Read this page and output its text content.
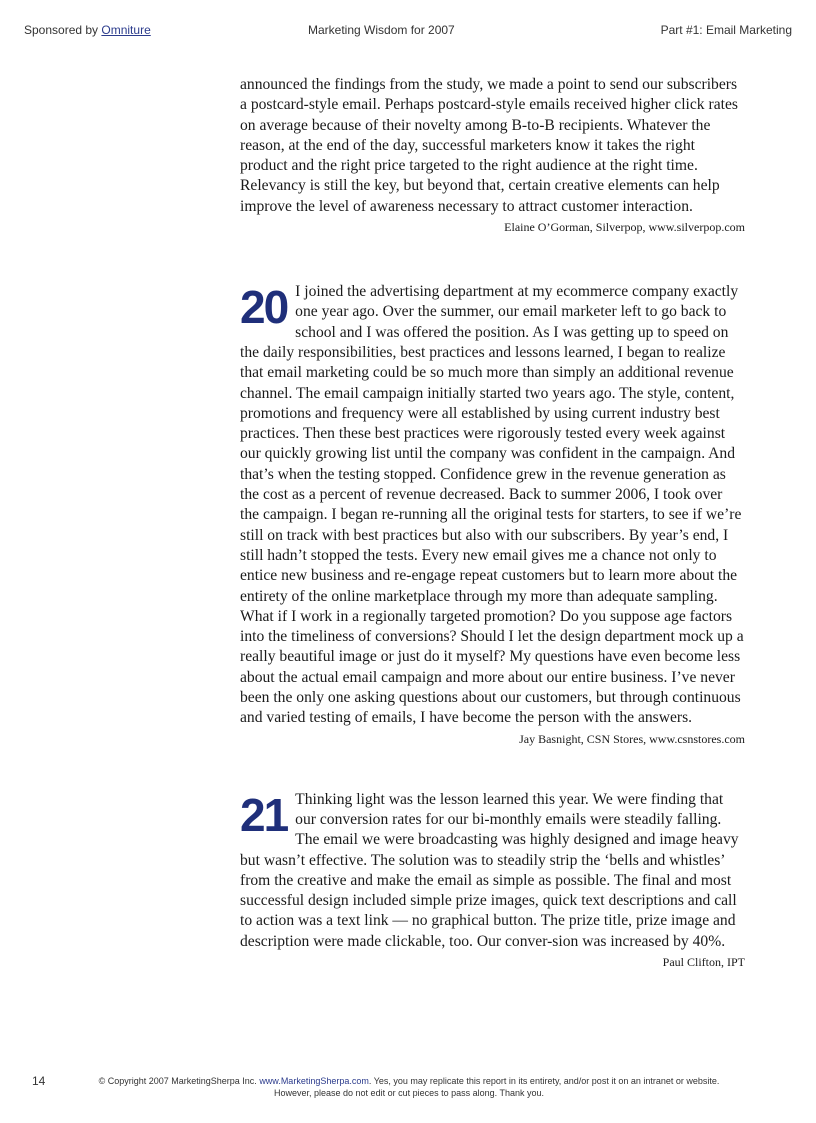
Sponsored by Omniture	Marketing Wisdom for 2007	Part #1: Email Marketing

announced the findings from the study, we made a point to send our subscribers a postcard-style email. Perhaps postcard-style emails received higher click rates on average because of their novelty among B-to-B recipients. Whatever the reason, at the end of the day, successful marketers know it takes the right product and the right price targeted to the right audience at the right time. Relevancy is still the key, but beyond that, certain creative elements can help improve the level of awareness necessary to attract customer interaction.

Elaine O’Gorman, Silverpop, www.silverpop.com
20 I joined the advertising department at my ecommerce company exactly one year ago. Over the summer, our email marketer left to go back to school and I was offered the position. As I was getting up to speed on the daily responsibilities, best practices and lessons learned, I began to realize that email marketing could be so much more than simply an additional revenue channel. The email campaign initially started two years ago. The style, content, promotions and frequency were all established by using current industry best practices. Then these best practices were rigorously tested every week against our quickly growing list until the company was confident in the campaign. And that’s when the testing stopped. Confidence grew in the revenue generation as the cost as a percent of revenue decreased. Back to summer 2006, I took over the campaign. I began re-running all the original tests for starters, to see if we’re still on track with best practices but also with our subscribers. By year’s end, I still hadn’t stopped the tests. Every new email gives me a chance not only to entice new business and re-engage repeat customers but to learn more about the entirety of the online marketplace through my more than adequate sampling. What if I work in a regionally targeted promotion? Do you suppose age factors into the timeliness of conversions? Should I let the design department mock up a really beautiful image or just do it myself? My questions have even become less about the actual email campaign and more about our entire business. I’ve never been the only one asking questions about our customers, but through continuous and varied testing of emails, I have become the person with the answers.

Jay Basnight, CSN Stores, www.csnstores.com
21 Thinking light was the lesson learned this year. We were finding that our conversion rates for our bi-monthly emails were steadily falling. The email we were broadcasting was highly designed and image heavy but wasn’t effective. The solution was to steadily strip the ‘bells and whistles’ from the creative and make the email as simple as possible. The final and most successful design included simple prize images, quick text descriptions and call to action was a text link — no graphical button. The prize title, prize image and description were made clickable, too. Our conver-sion was increased by 40%.

Paul Clifton, IPT
14	© Copyright 2007 MarketingSherpa Inc. www.MarketingSherpa.com. Yes, you may replicate this report in its entirety, and/or post it on an intranet or website.
However, please do not edit or cut pieces to pass along. Thank you.
